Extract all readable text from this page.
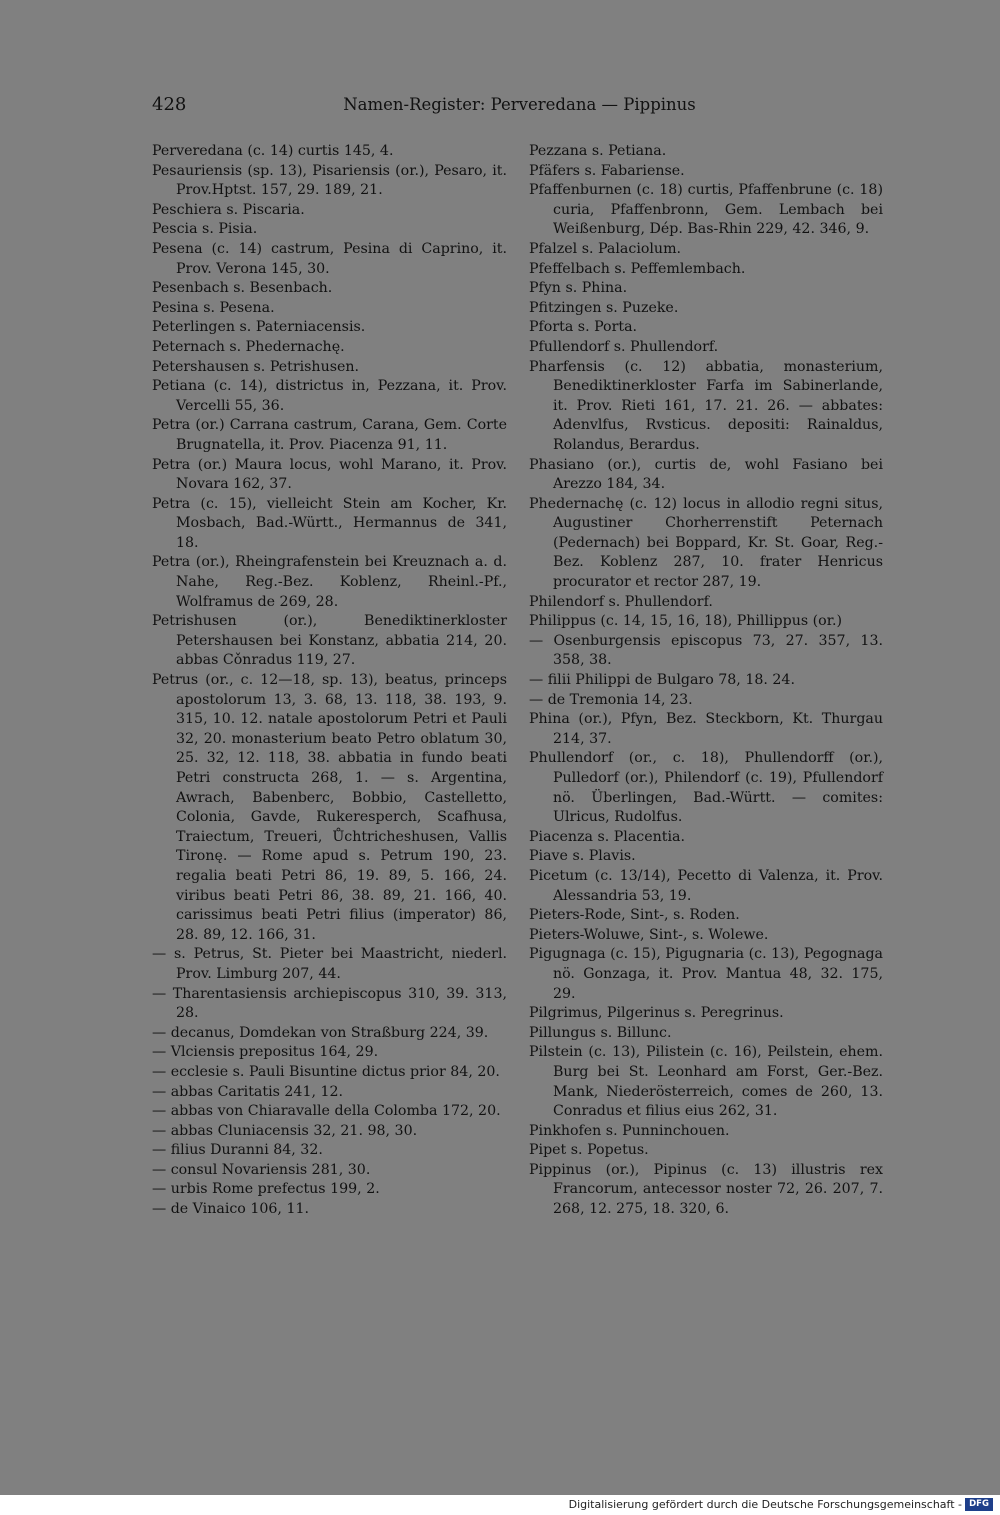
428	Namen-Register: Perveredana — Pippinus
Perveredana (c. 14) curtis 145, 4.
Pesauriensis (sp. 13), Pisariensis (or.), Pesaro, it. Prov.Hptst. 157, 29. 189, 21.
Peschiera s. Piscaria.
Pescia s. Pisia.
Pesena (c. 14) castrum, Pesina di Caprino, it. Prov. Verona 145, 30.
Pesenbach s. Besenbach.
Pesina s. Pesena.
Peterlingen s. Paterniacensis.
Peternach s. Phedernachę.
Petershausen s. Petrishusen.
Petiana (c. 14), districtus in, Pezzana, it. Prov. Vercelli 55, 36.
Petra (or.) Carrana castrum, Carana, Gem. Corte Brugnatella, it. Prov. Piacenza 91, 11.
Petra (or.) Maura locus, wohl Marano, it. Prov. Novara 162, 37.
Petra (c. 15), vielleicht Stein am Kocher, Kr. Mosbach, Bad.-Württ., Hermannus de 341, 18.
Petra (or.), Rheingrafenstein bei Kreuznach a. d. Nahe, Reg.-Bez. Koblenz, Rheinl.-Pf., Wolframus de 269, 28.
Petrishusen (or.), Benediktinerkloster Petershausen bei Konstanz, abbatia 214, 20. abbas Cǒnradus 119, 27.
Petrus (or., c. 12—18, sp. 13), beatus, princeps apostolorum 13, 3. 68, 13. 118, 38. 193, 9. 315, 10. 12. natale apostolorum Petri et Pauli 32, 20. monasterium beato Petro oblatum 30, 25. 32, 12. 118, 38. abbatia in fundo beati Petri constructa 268, 1. — s. Argentina, Awrach, Babenberc, Bobbio, Castelletto, Colonia, Gavde, Rukeresperch, Scafhusa, Traiectum, Treueri, Ůchtricheshusen, Vallis Tironę. — Rome apud s. Petrum 190, 23. regalia beati Petri 86, 19. 89, 5. 166, 24. viribus beati Petri 86, 38. 89, 21. 166, 40. carissimus beati Petri filius (imperator) 86, 28. 89, 12. 166, 31.
— s. Petrus, St. Pieter bei Maastricht, niederl. Prov. Limburg 207, 44.
— Tharentasiensis archiepiscopus 310, 39. 313, 28.
— decanus, Domdekan von Straßburg 224, 39.
— Vlciensis prepositus 164, 29.
— ecclesie s. Pauli Bisuntine dictus prior 84, 20.
— abbas Caritatis 241, 12.
— abbas von Chiaravalle della Colomba 172, 20.
— abbas Cluniacensis 32, 21. 98, 30.
— filius Duranni 84, 32.
— consul Novariensis 281, 30.
— urbis Rome prefectus 199, 2.
— de Vinaico 106, 11.
Pezzana s. Petiana.
Pfäfers s. Fabariense.
Pfaffenburnen (c. 18) curtis, Pfaffenbrune (c. 18) curia, Pfaffenbronn, Gem. Lembach bei Weißenburg, Dép. Bas-Rhin 229, 42. 346, 9.
Pfalzel s. Palaciolum.
Pfeffelbach s. Peffemlembach.
Pfyn s. Phina.
Pfitzingen s. Puzeke.
Pforta s. Porta.
Pfullendorf s. Phullendorf.
Pharfensis (c. 12) abbatia, monasterium, Benediktinerkloster Farfa im Sabinerlande, it. Prov. Rieti 161, 17. 21. 26. — abbates: Adenvlfus, Rvsticus. depositi: Rainaldus, Rolandus, Berardus.
Phasiano (or.), curtis de, wohl Fasiano bei Arezzo 184, 34.
Phedernachę (c. 12) locus in allodio regni situs, Augustiner Chorherrenstift Peternach (Pedernach) bei Boppard, Kr. St. Goar, Reg.-Bez. Koblenz 287, 10. frater Henricus procurator et rector 287, 19.
Philendorf s. Phullendorf.
Philippus (c. 14, 15, 16, 18), Phillippus (or.)
— Osenburgensis episcopus 73, 27. 357, 13. 358, 38.
— filii Philippi de Bulgaro 78, 18. 24.
— de Tremonia 14, 23.
Phina (or.), Pfyn, Bez. Steckborn, Kt. Thurgau 214, 37.
Phullendorf (or., c. 18), Phullendorff (or.), Pulledorf (or.), Philendorf (c. 19), Pfullendorf nö. Überlingen, Bad.-Württ. — comites: Ulricus, Rudolfus.
Piacenza s. Placentia.
Piave s. Plavis.
Picetum (c. 13/14), Pecetto di Valenza, it. Prov. Alessandria 53, 19.
Pieters-Rode, Sint-, s. Roden.
Pieters-Woluwe, Sint-, s. Wolewe.
Pigugnaga (c. 15), Pigugnaria (c. 13), Pegognaga nö. Gonzaga, it. Prov. Mantua 48, 32. 175, 29.
Pilgrimus, Pilgerinus s. Peregrinus.
Pillungus s. Billunc.
Pilstein (c. 13), Pilistein (c. 16), Peilstein, ehem. Burg bei St. Leonhard am Forst, Ger.-Bez. Mank, Niederösterreich, comes de 260, 13. Conradus et filius eius 262, 31.
Pinkhofen s. Punninchouen.
Pipet s. Popetus.
Pippinus (or.), Pipinus (c. 13) illustris rex Francorum, antecessor noster 72, 26. 207, 7. 268, 12. 275, 18. 320, 6.
Digitalisierung gefördert durch die Deutsche Forschungsgemeinschaft - DFG
